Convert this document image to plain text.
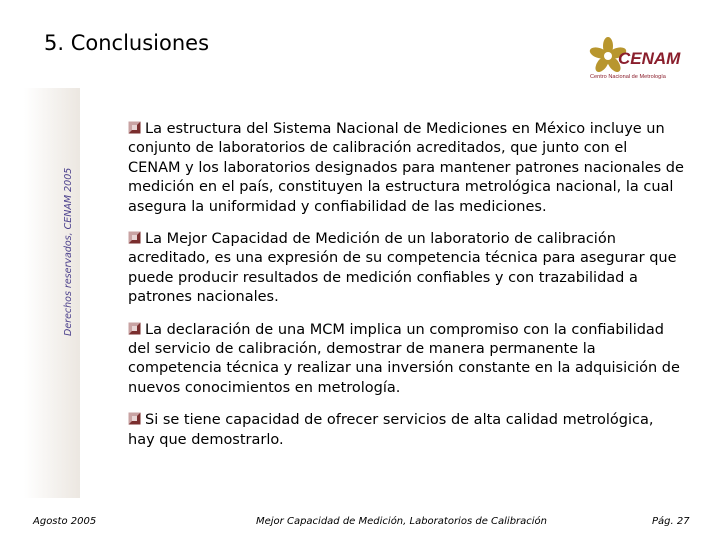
Derechos reservados, CENAM 2005
5. Conclusiones
CENAM
Centro Nacional de Metrología

La estructura del Sistema Nacional de Mediciones en México incluye un conjunto de laboratorios de calibración acreditados, que junto con el CENAM y los laboratorios designados para mantener patrones nacionales de medición en el país, constituyen la estructura metrológica nacional, la cual asegura la uniformidad y confiabilidad de las mediciones.

La Mejor Capacidad de Medición de un laboratorio de calibración acreditado, es una expresión de su competencia técnica para asegurar que puede producir resultados de medición confiables y con trazabilidad a patrones nacionales.

La declaración de una MCM implica un compromiso con la confiabilidad del servicio de calibración, demostrar de manera permanente la competencia técnica y realizar una inversión constante en la adquisición de nuevos conocimientos en metrología.

Si se tiene capacidad de ofrecer servicios de alta calidad metrológica, hay que demostrarlo.

Agosto 2005	Mejor Capacidad de Medición, Laboratorios de Calibración	Pág. 27
